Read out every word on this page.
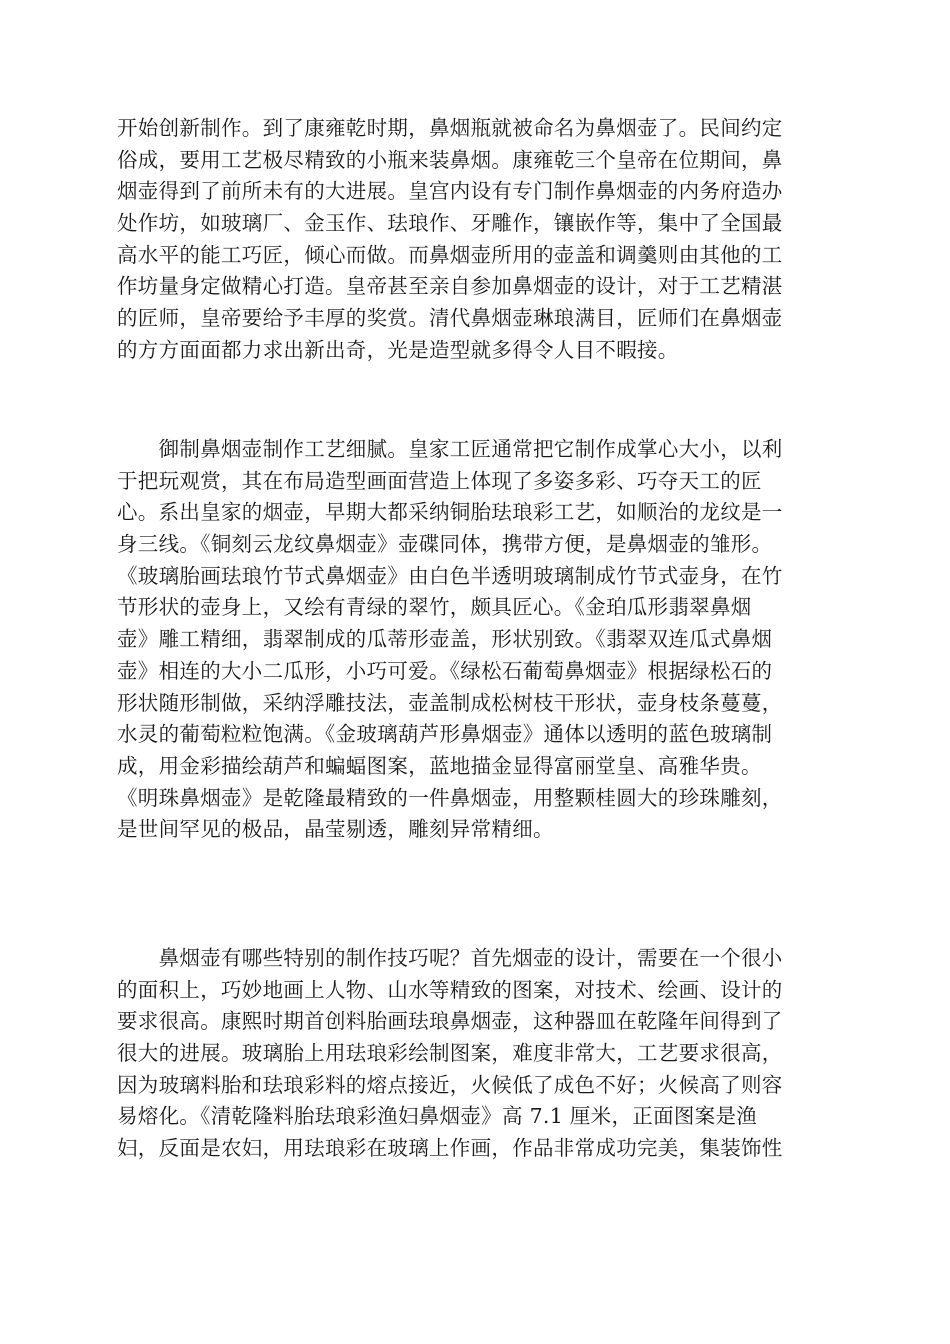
开始创新制作。到了康雍乾时期，鼻烟瓶就被命名为鼻烟壶了。民间约定
俗成，要用工艺极尽精致的小瓶来装鼻烟。康雍乾三个皇帝在位期间，鼻
烟壶得到了前所未有的大进展。皇宫内设有专门制作鼻烟壶的内务府造办
处作坊，如玻璃厂、金玉作、珐琅作、牙雕作，镶嵌作等，集中了全国最
高水平的能工巧匠，倾心而做。而鼻烟壶所用的壶盖和调羹则由其他的工
作坊量身定做精心打造。皇帝甚至亲自参加鼻烟壶的设计，对于工艺精湛
的匠师，皇帝要给予丰厚的奖赏。清代鼻烟壶琳琅满目，匠师们在鼻烟壶
的方方面面都力求出新出奇，光是造型就多得令人目不暇接。
　　御制鼻烟壶制作工艺细腻。皇家工匠通常把它制作成掌心大小，以利
于把玩观赏，其在布局造型画面营造上体现了多姿多彩、巧夺天工的匠
心。系出皇家的烟壶，早期大都采纳铜胎珐琅彩工艺，如顺治的龙纹是一
身三线。《铜刻云龙纹鼻烟壶》壶碟同体，携带方便，是鼻烟壶的雏形。
《玻璃胎画珐琅竹节式鼻烟壶》由白色半透明玻璃制成竹节式壶身，在竹
节形状的壶身上，又绘有青绿的翠竹，颇具匠心。《金珀瓜形翡翠鼻烟
壶》雕工精细，翡翠制成的瓜蒂形壶盖，形状别致。《翡翠双连瓜式鼻烟
壶》相连的大小二瓜形，小巧可爱。《绿松石葡萄鼻烟壶》根据绿松石的
形状随形制做，采纳浮雕技法，壶盖制成松树枝干形状，壶身枝条蔓蔓，
水灵的葡萄粒粒饱满。《金玻璃葫芦形鼻烟壶》通体以透明的蓝色玻璃制
成，用金彩描绘葫芦和蝙蝠图案，蓝地描金显得富丽堂皇、高雅华贵。
《明珠鼻烟壶》是乾隆最精致的一件鼻烟壶，用整颗桂圆大的珍珠雕刻，
是世间罕见的极品，晶莹剔透，雕刻异常精细。
　　鼻烟壶有哪些特别的制作技巧呢？首先烟壶的设计，需要在一个很小
的面积上，巧妙地画上人物、山水等精致的图案，对技术、绘画、设计的
要求很高。康熙时期首创料胎画珐琅鼻烟壶，这种器皿在乾隆年间得到了
很大的进展。玻璃胎上用珐琅彩绘制图案，难度非常大，工艺要求很高，
因为玻璃料胎和珐琅彩料的熔点接近，火候低了成色不好；火候高了则容
易熔化。《清乾隆料胎珐琅彩渔妇鼻烟壶》高 7.1 厘米，正面图案是渔
妇，反面是农妇，用珐琅彩在玻璃上作画，作品非常成功完美，集装饰性
